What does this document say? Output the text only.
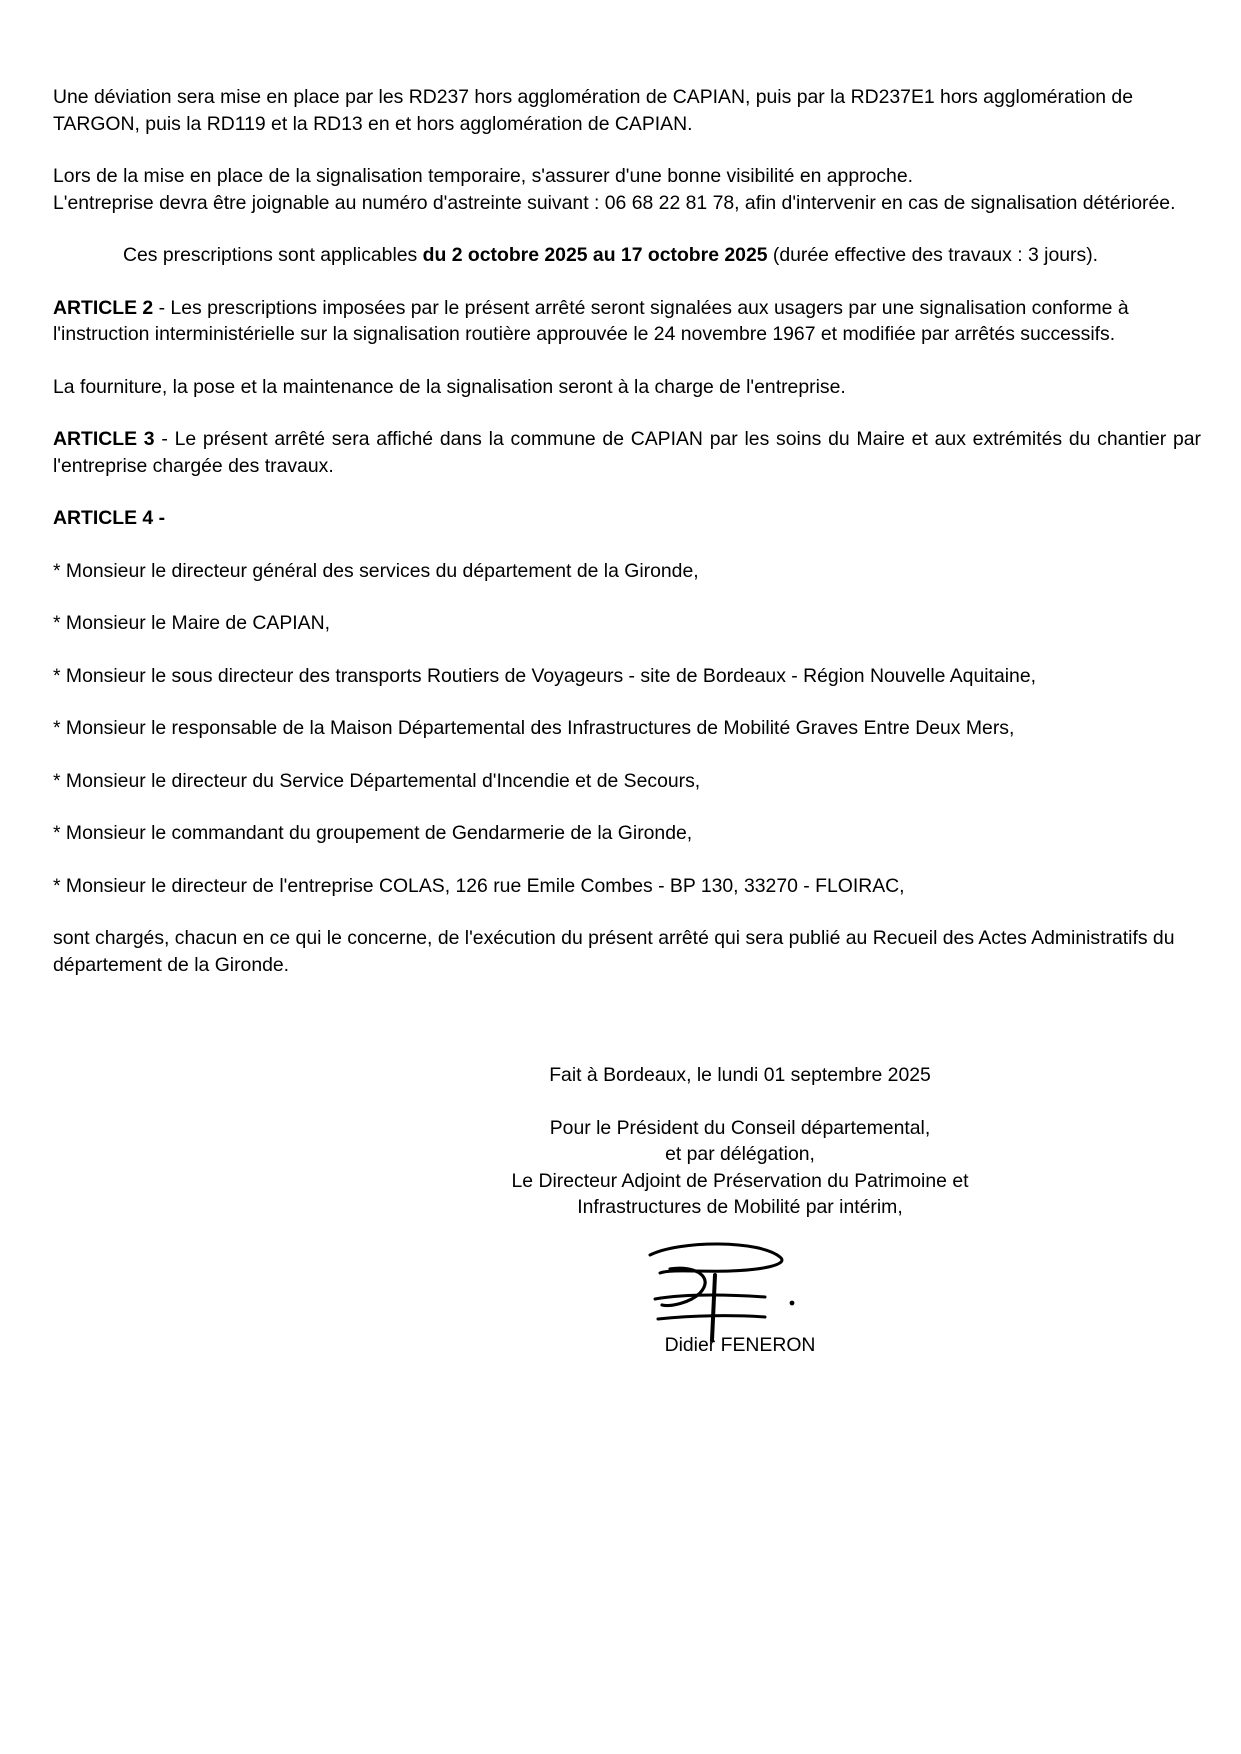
Une déviation sera mise en place par les RD237 hors agglomération de CAPIAN, puis par la RD237E1 hors agglomération de TARGON, puis la RD119 et la RD13 en et hors agglomération de CAPIAN.

Lors de la mise en place de la signalisation temporaire, s'assurer d'une bonne visibilité en approche.

L'entreprise devra être joignable au numéro d'astreinte suivant : 06 68 22 81 78, afin d'intervenir en cas de signalisation détériorée.

Ces prescriptions sont applicables du 2 octobre 2025 au 17 octobre 2025 (durée effective des travaux : 3 jours).

ARTICLE 2 - Les prescriptions imposées par le présent arrêté seront signalées aux usagers par une signalisation conforme à l'instruction interministérielle sur la signalisation routière approuvée le 24 novembre 1967 et modifiée par arrêtés successifs.

La fourniture, la pose et la maintenance de la signalisation seront à la charge de l'entreprise.

ARTICLE 3 - Le présent arrêté sera affiché dans la commune de CAPIAN par les soins du Maire et aux extrémités du chantier par l'entreprise chargée des travaux.

ARTICLE 4 -

* Monsieur le directeur général des services du département de la Gironde,

* Monsieur le Maire de CAPIAN,

* Monsieur le sous directeur des transports Routiers de Voyageurs - site de Bordeaux - Région Nouvelle Aquitaine,

* Monsieur le responsable de la Maison Départemental des Infrastructures de Mobilité Graves Entre Deux Mers,

* Monsieur le directeur du Service Départemental d'Incendie et de Secours,

* Monsieur le commandant du groupement de Gendarmerie de la Gironde,

* Monsieur le directeur de l'entreprise COLAS, 126 rue Emile Combes - BP 130, 33270 - FLOIRAC,

sont chargés, chacun en ce qui le concerne, de l'exécution du présent arrêté qui sera publié au Recueil des Actes Administratifs du département de la Gironde.

Fait à Bordeaux, le lundi 01 septembre 2025
Pour le Président du Conseil départemental,
et par délégation,
Le Directeur Adjoint de Préservation du Patrimoine et
Infrastructures de Mobilité par intérim,
Didier FENERON
